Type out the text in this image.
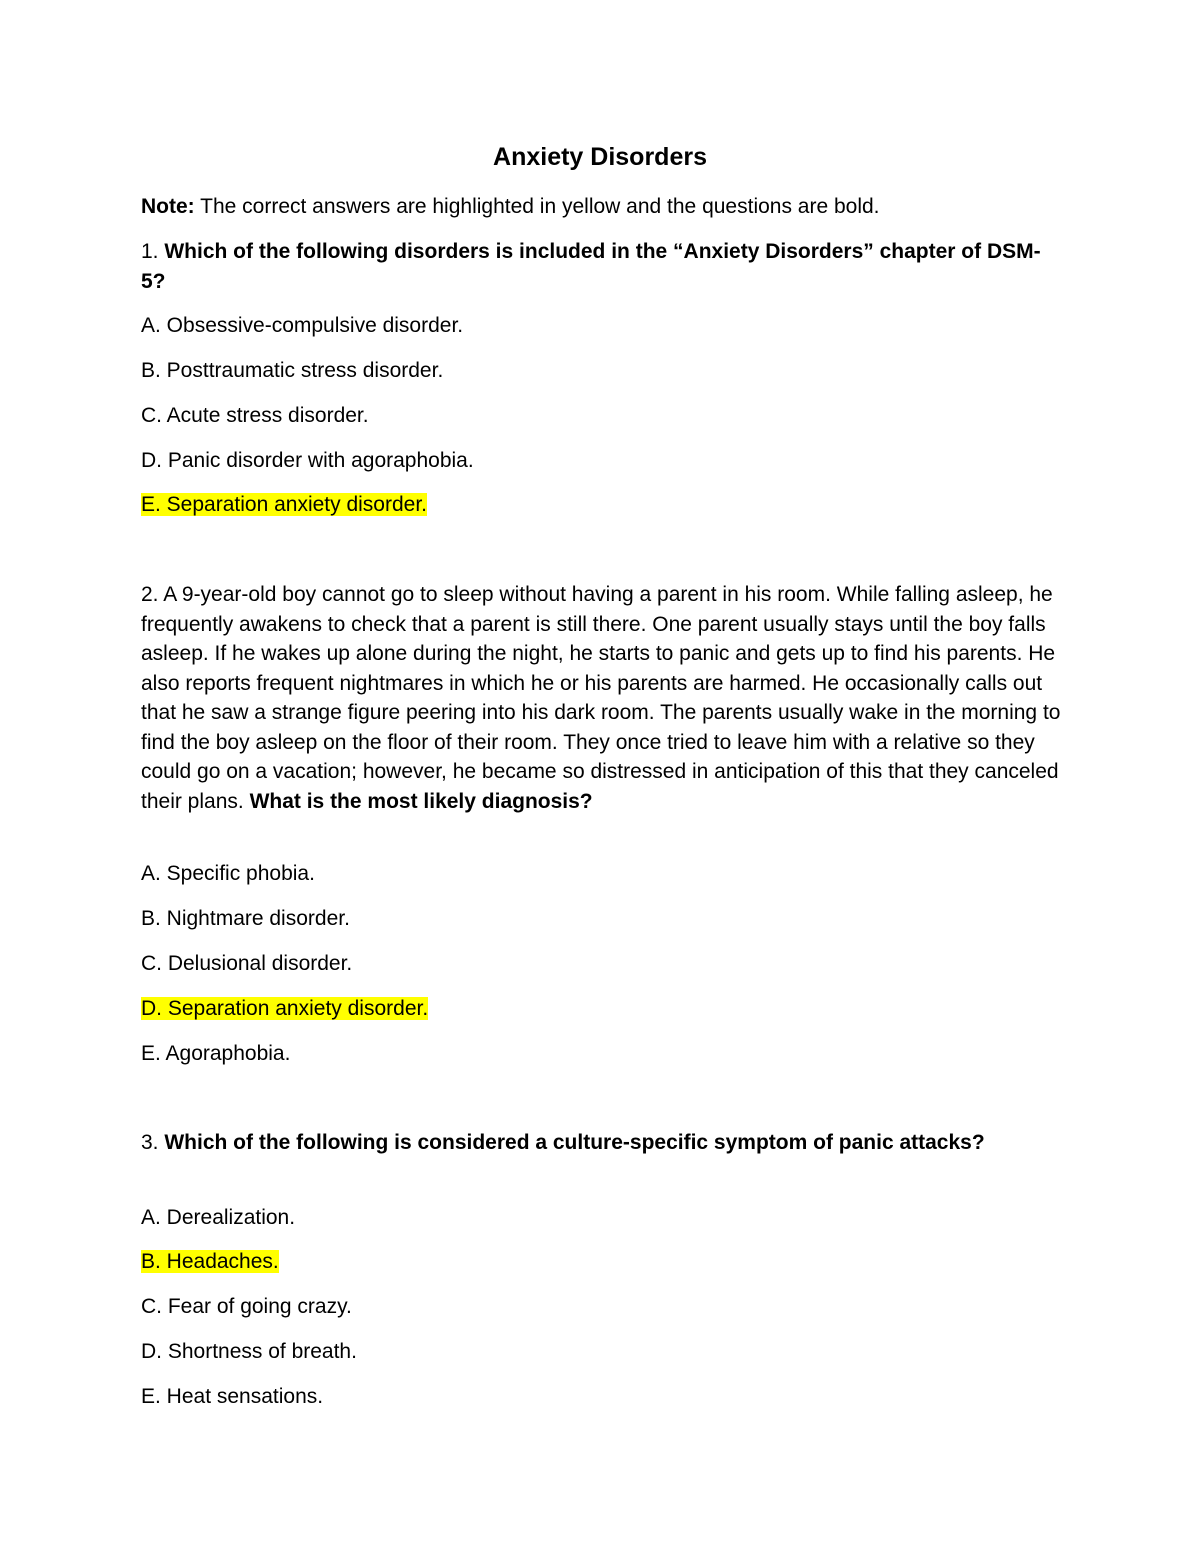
Anxiety Disorders

Note: The correct answers are highlighted in yellow and the questions are bold.

1. Which of the following disorders is included in the “Anxiety Disorders” chapter of DSM-5?

A. Obsessive-compulsive disorder.

B. Posttraumatic stress disorder.

C. Acute stress disorder.

D. Panic disorder with agoraphobia.

E. Separation anxiety disorder.

2. A 9-year-old boy cannot go to sleep without having a parent in his room. While falling asleep, he frequently awakens to check that a parent is still there. One parent usually stays until the boy falls asleep. If he wakes up alone during the night, he starts to panic and gets up to find his parents. He also reports frequent nightmares in which he or his parents are harmed. He occasionally calls out that he saw a strange figure peering into his dark room. The parents usually wake in the morning to find the boy asleep on the floor of their room. They once tried to leave him with a relative so they could go on a vacation; however, he became so distressed in anticipation of this that they canceled their plans. What is the most likely diagnosis?

A. Specific phobia.

B. Nightmare disorder.

C. Delusional disorder.

D. Separation anxiety disorder.

E. Agoraphobia.

3. Which of the following is considered a culture-specific symptom of panic attacks?

A. Derealization.

B. Headaches.

C. Fear of going crazy.

D. Shortness of breath.

E. Heat sensations.
